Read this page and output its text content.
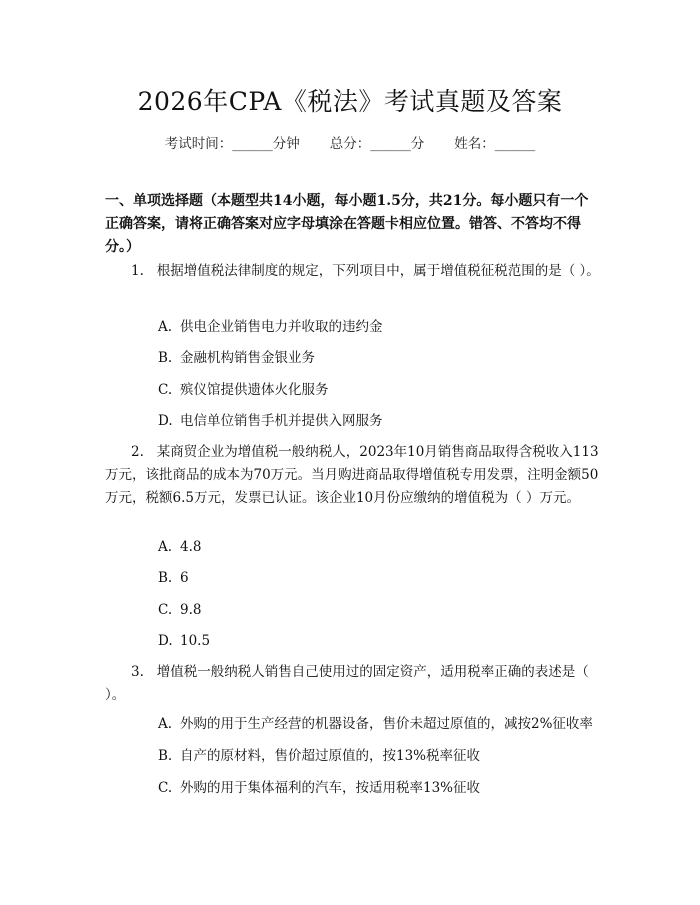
2026年CPA《税法》考试真题及答案
考试时间：______分钟 总分：______分 姓名：______
一、单项选择题（本题型共14小题，每小题1.5分，共21分。每小题只有一个正确答案，请将正确答案对应字母填涂在答题卡相应位置。错答、不答均不得分。）
1. 根据增值税法律制度的规定，下列项目中，属于增值税征税范围的是（ ）。
A. 供电企业销售电力并收取的违约金
B. 金融机构销售金银业务
C. 殡仪馆提供遗体火化服务
D. 电信单位销售手机并提供入网服务
2. 某商贸企业为增值税一般纳税人，2023年10月销售商品取得含税收入113万元，该批商品的成本为70万元。当月购进商品取得增值税专用发票，注明金额50万元，税额6.5万元，发票已认证。该企业10月份应缴纳的增值税为（ ）万元。
A. 4.8
B. 6
C. 9.8
D. 10.5
3. 增值税一般纳税人销售自己使用过的固定资产，适用税率正确的表述是（ ）。
A. 外购的用于生产经营的机器设备，售价未超过原值的，减按2%征收率
B. 自产的原材料，售价超过原值的，按13%税率征收
C. 外购的用于集体福利的汽车，按适用税率13%征收
